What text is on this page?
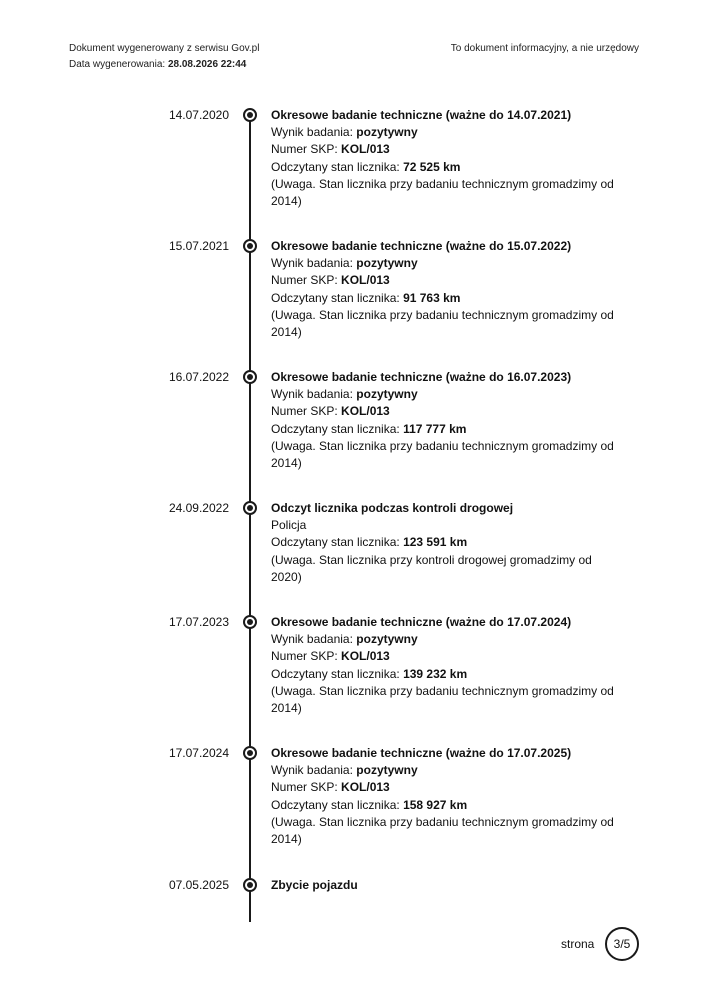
Dokument wygenerowany z serwisu Gov.pl
Data wygenerowania: 28.08.2026 22:44
To dokument informacyjny, a nie urzędowy
14.07.2020	Okresowe badanie techniczne (ważne do 14.07.2021)
Wynik badania: pozytywny
Numer SKP: KOL/013
Odczytany stan licznika: 72 525 km
(Uwaga. Stan licznika przy badaniu technicznym gromadzimy od 2014)
15.07.2021	Okresowe badanie techniczne (ważne do 15.07.2022)
Wynik badania: pozytywny
Numer SKP: KOL/013
Odczytany stan licznika: 91 763 km
(Uwaga. Stan licznika przy badaniu technicznym gromadzimy od 2014)
16.07.2022	Okresowe badanie techniczne (ważne do 16.07.2023)
Wynik badania: pozytywny
Numer SKP: KOL/013
Odczytany stan licznika: 117 777 km
(Uwaga. Stan licznika przy badaniu technicznym gromadzimy od 2014)
24.09.2022	Odczyt licznika podczas kontroli drogowej
Policja
Odczytany stan licznika: 123 591 km
(Uwaga. Stan licznika przy kontroli drogowej gromadzimy od 2020)
17.07.2023	Okresowe badanie techniczne (ważne do 17.07.2024)
Wynik badania: pozytywny
Numer SKP: KOL/013
Odczytany stan licznika: 139 232 km
(Uwaga. Stan licznika przy badaniu technicznym gromadzimy od 2014)
17.07.2024	Okresowe badanie techniczne (ważne do 17.07.2025)
Wynik badania: pozytywny
Numer SKP: KOL/013
Odczytany stan licznika: 158 927 km
(Uwaga. Stan licznika przy badaniu technicznym gromadzimy od 2014)
07.05.2025	Zbycie pojazdu
strona	3/5
